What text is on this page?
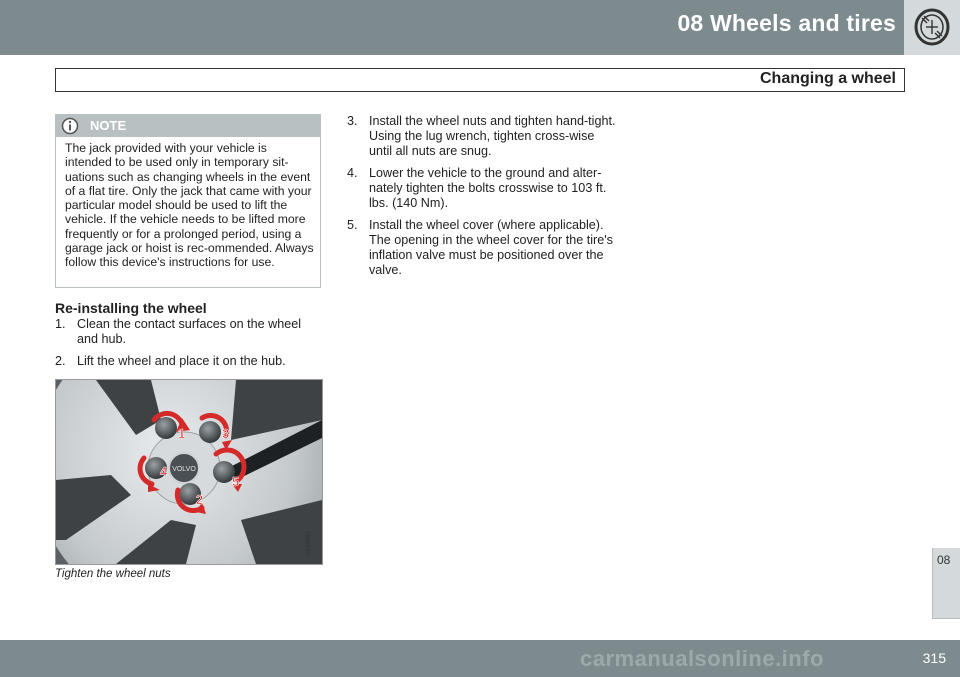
08 Wheels and tires
Changing a wheel
NOTE

The jack provided with your vehicle is intended to be used only in temporary sit-uations such as changing wheels in the event of a flat tire. Only the jack that came with your particular model should be used to lift the vehicle. If the vehicle needs to be lifted more frequently or for a prolonged period, using a garage jack or hoist is rec-ommended. Always follow this device's instructions for use.

Re-installing the wheel
1. Clean the contact surfaces on the wheel and hub.
2. Lift the wheel and place it on the hub.
3. Install the wheel nuts and tighten hand-tight. Using the lug wrench, tighten cross-wise until all nuts are snug.
4. Lower the vehicle to the ground and alter-nately tighten the bolts crosswise to 103 ft. lbs. (140 Nm).
5. Install the wheel cover (where applicable). The opening in the wheel cover for the tire's inflation valve must be positioned over the valve.
VOLVO
1
2
3
4
5
G043692
Tighten the wheel nuts
08
315
carmanualsonline.info
